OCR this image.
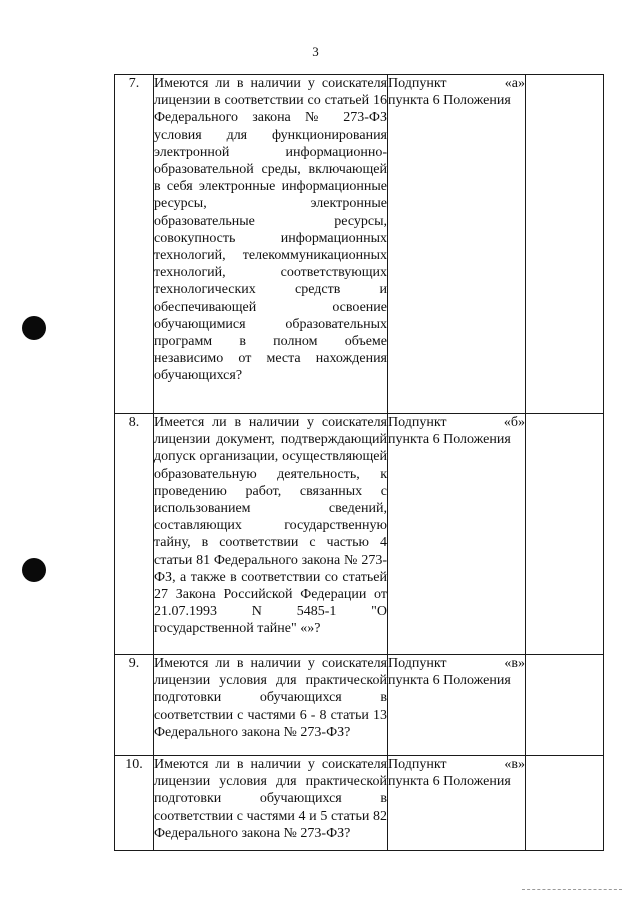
3
7.	Имеются ли в наличии у соискателя лицензии в соответствии со статьей 16 Федерального закона № 273-ФЗ условия для функционирования электронной информационно-образовательной среды, включающей в себя электронные информационные ресурсы, электронные образовательные ресурсы, совокупность информационных технологий, телекоммуникационных технологий, соответствующих технологических средств и обеспечивающей освоение обучающимися образовательных программ в полном объеме независимо от места нахождения обучающихся?	Подпункт «а»
пункта 6 Положения	

8.	Имеется ли в наличии у соискателя лицензии документ, подтверждающий допуск организации, осуществляющей образовательную деятельность, к проведению работ, связанных с использованием сведений, составляющих государственную тайну, в соответствии с частью 4 статьи 81 Федерального закона № 273-ФЗ, а также в соответствии со статьей 27 Закона Российской Федерации от 21.07.1993 N 5485-1 "О государственной тайне" «»?	Подпункт «б»
пункта 6 Положения	

9.	Имеются ли в наличии у соискателя лицензии условия для практической подготовки обучающихся в соответствии с частями 6 - 8 статьи 13 Федерального закона № 273-ФЗ?	Подпункт «в»
пункта 6 Положения	

10.	Имеются ли в наличии у соискателя лицензии условия для практической подготовки обучающихся в соответствии с частями 4 и 5 статьи 82 Федерального закона № 273-ФЗ?	Подпункт «в»
пункта 6 Положения	
